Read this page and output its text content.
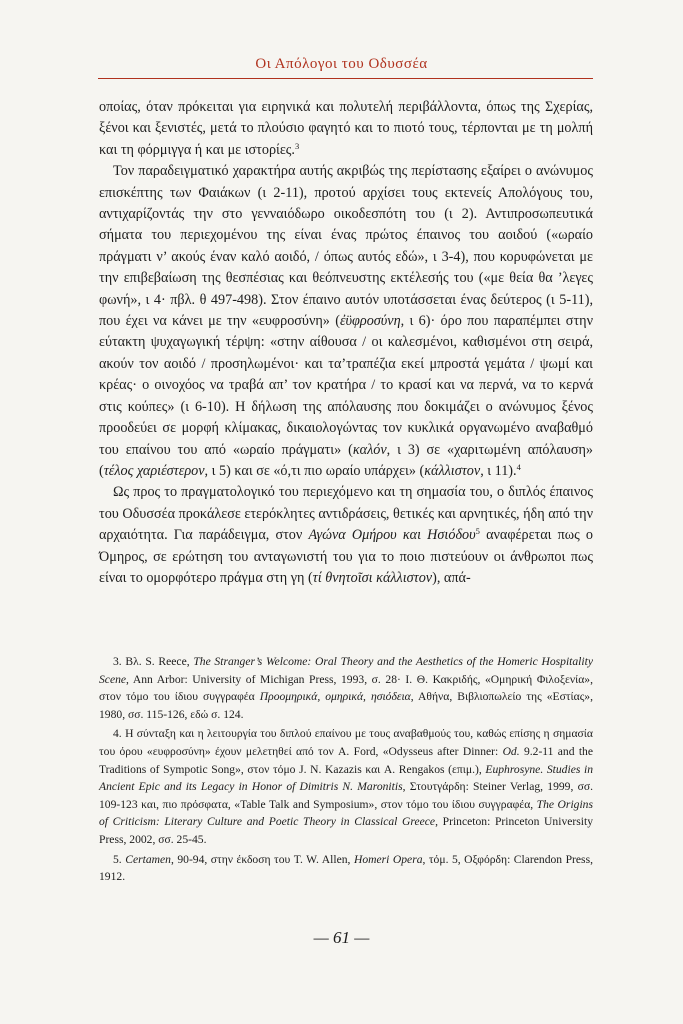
Οι Απόλογοι του Οδυσσέα

οποίας, όταν πρόκειται για ειρηνικά και πολυτελή περιβάλλοντα, όπως της Σχερίας, ξένοι και ξενιστές, μετά το πλούσιο φαγητό και το πιοτό τους, τέρπονται με τη μολπή και τη φόρμιγγα ή και με ιστορίες.$^3$

Τον παραδειγματικό χαρακτήρα αυτής ακριβώς της περίστασης εξαίρει ο ανώνυμος επισκέπτης των Φαιάκων (ι 2-11), προτού αρχίσει τους εκτενείς Απολόγους του, αντιχαρίζοντάς την στο γενναιόδωρο οικοδεσπότη του (ι 2). Αντιπροσωπευτικά σήματα του περιεχομένου της είναι ένας πρώτος έπαινος του αοιδού («ωραίο πράγματι ν’ ακούς έναν καλό αοιδό, / όπως αυτός εδώ», ι 3-4), που κορυφώνεται με την επιβεβαίωση της θεσπέσιας και θεόπνευστης εκτέλεσής του («με θεία θα ’λεγες φωνή», ι 4· πβλ. θ 497-498). Στον έπαινο αυτόν υποτάσσεται ένας δεύτερος (ι 5-11), που έχει να κάνει με την «ευφροσύνη» (ἐϋφροσύνη, ι 6)· όρο που παραπέμπει στην εύτακτη ψυχαγωγική τέρψη: «στην αίθουσα / οι καλεσμένοι, καθισμένοι στη σειρά, ακούν τον αοιδό / προσηλωμένοι· και τα’τραπέζια εκεί μπροστά γεμάτα / ψωμί και κρέας· ο οινοχόος να τραβά απ’ τον κρατήρα / το κρασί και να περνά, να το κερνά στις κούπες» (ι 6-10). Η δήλωση της απόλαυσης που δοκιμάζει ο ανώνυμος ξένος προοδεύει σε μορφή κλίμακας, δικαιολογώντας τον κυκλικά οργανωμένο αναβαθμό του επαίνου του από «ωραίο πράγματι» (καλόν, ι 3) σε «χαριτωμένη απόλαυση» (τέλος χαριέστερον, ι 5) και σε «ό,τι πιο ωραίο υπάρχει» (κάλλιστον, ι 11).$^4$

Ως προς το πραγματολογικό του περιεχόμενο και τη σημασία του, ο διπλός έπαινος του Οδυσσέα προκάλεσε ετερόκλητες αντιδράσεις, θετικές και αρνητικές, ήδη από την αρχαιότητα. Για παράδειγμα, στον Αγώνα Ομήρου και Ησιόδου$^5$ αναφέρεται πως ο Όμηρος, σε ερώτηση του ανταγωνιστή του για το ποιο πιστεύουν οι άνθρωποι πως είναι το ομορφότερο πράγμα στη γη (τί θνητοῖσι κάλλιστον), απά-

3. Βλ. S. Reece, The Stranger’s Welcome: Oral Theory and the Aesthetics of the Homeric Hospitality Scene, Ann Arbor: University of Michigan Press, 1993, σ. 28· Ι. Θ. Κακριδής, «Ομηρική Φιλοξενία», στον τόμο του ίδιου συγγραφέα Προομηρικά, ομηρικά, ησιόδεια, Αθήνα, Βιβλιοπωλείο της «Εστίας», 1980, σσ. 115-126, εδώ σ. 124.

4. Η σύνταξη και η λειτουργία του διπλού επαίνου με τους αναβαθμούς του, καθώς επίσης η σημασία του όρου «ευφροσύνη» έχουν μελετηθεί από τον A. Ford, «Odysseus after Dinner: Od. 9.2-11 and the Traditions of Sympotic Song», στον τόμο J. N. Kazazis και A. Rengakos (επιμ.), Euphrosyne. Studies in Ancient Epic and its Legacy in Honor of Dimitris N. Maronitis, Στουτγάρδη: Steiner Verlag, 1999, σσ. 109-123 και, πιο πρόσφατα, «Table Talk and Symposium», στον τόμο του ίδιου συγγραφέα, The Origins of Criticism: Literary Culture and Poetic Theory in Classical Greece, Princeton: Princeton University Press, 2002, σσ. 25-45.

5. Certamen, 90-94, στην έκδοση του T. W. Allen, Homeri Opera, τόμ. 5, Οξφόρδη: Clarendon Press, 1912.

— 61 —
